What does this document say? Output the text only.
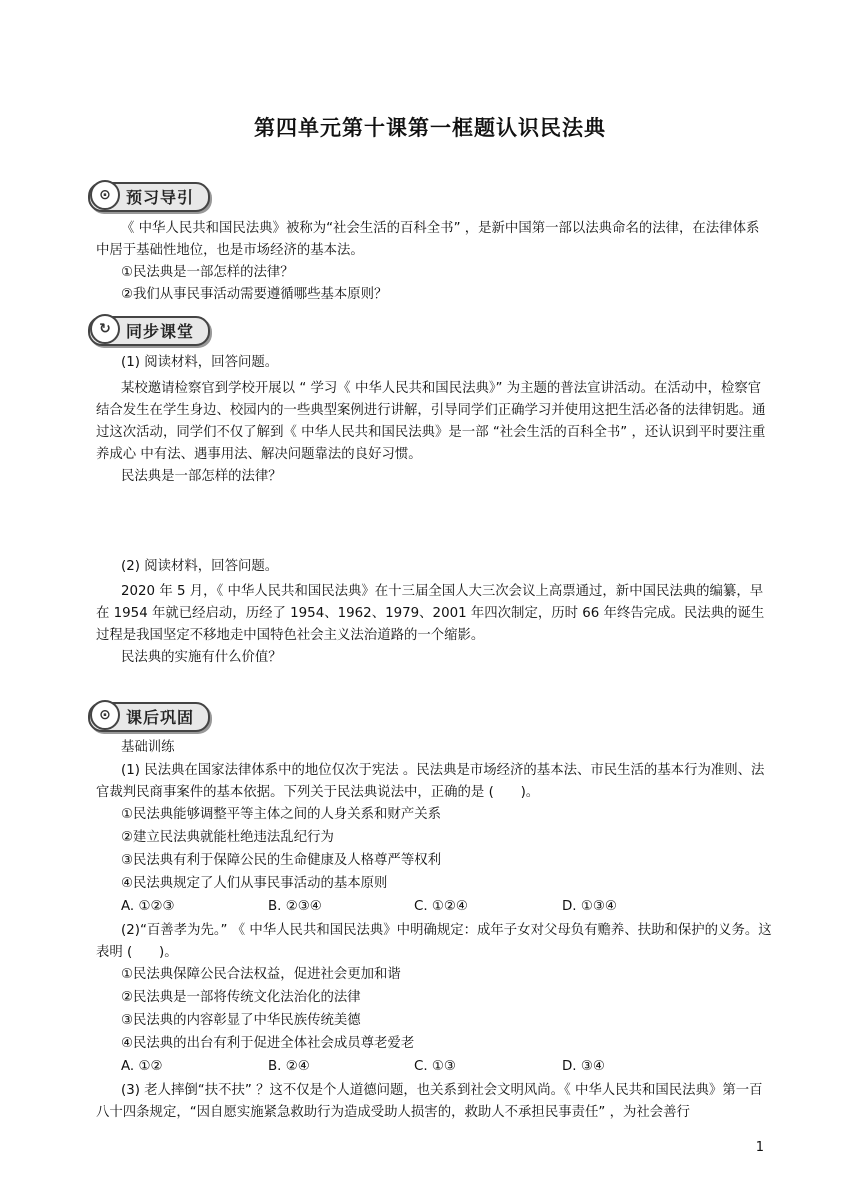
第四单元第十课第一框题认识民法典
⊙ 预习导引
《 中华人民共和国民法典》被称为“社会生活的百科全书” ，是新中国第一部以法典命名的法律，在法律体系中居于基础性地位，也是市场经济的基本法。
①民法典是一部怎样的法律？
②我们从事民事活动需要遵循哪些基本原则？
↻ 同步课堂
(1) 阅读材料，回答问题。
某校邀请检察官到学校开展以 “ 学习《 中华人民共和国民法典》” 为主题的普法宣讲活动。在活动中，检察官结合发生在学生身边、校园内的一些典型案例进行讲解，引导同学们正确学习并使用这把生活必备的法律钥匙。通过这次活动，同学们不仅了解到《 中华人民共和国民法典》是一部 “社会生活的百科全书” ，还认识到平时要注重养成心 中有法、遇事用法、解决问题靠法的良好习惯。
民法典是一部怎样的法律？
(2) 阅读材料，回答问题。
2020 年 5 月，《 中华人民共和国民法典》在十三届全国人大三次会议上高票通过，新中国民法典的编纂，早在 1954 年就已经启动，历经了 1954、1962、1979、2001 年四次制定，历时 66 年终告完成。民法典的诞生过程是我国坚定不移地走中国特色社会主义法治道路的一个缩影。
民法典的实施有什么价值？
⊙ 课后巩固
基础训练
(1) 民法典在国家法律体系中的地位仅次于宪法 。民法典是市场经济的基本法、市民生活的基本行为准则、法官裁判民商事案件的基本依据。下列关于民法典说法中，正确的是 (　　)。
①民法典能够调整平等主体之间的人身关系和财产关系
②建立民法典就能杜绝违法乱纪行为
③民法典有利于保障公民的生命健康及人格尊严等权利
④民法典规定了人们从事民事活动的基本原则
A. ①②③	B. ②③④	C. ①②④	D. ①③④
(2)“百善孝为先。” 《 中华人民共和国民法典》中明确规定：成年子女对父母负有赡养、扶助和保护的义务。这表明 (　　)。
①民法典保障公民合法权益，促进社会更加和谐
②民法典是一部将传统文化法治化的法律
③民法典的内容彰显了中华民族传统美德
④民法典的出台有利于促进全体社会成员尊老爱老
A. ①②	B. ②④	C. ①③	D. ③④
(3) 老人摔倒“扶不扶” ？这不仅是个人道德问题，也关系到社会文明风尚。《 中华人民共和国民法典》第一百八十四条规定，“因自愿实施紧急救助行为造成受助人损害的，救助人不承担民事责任” ，为社会善行
1
